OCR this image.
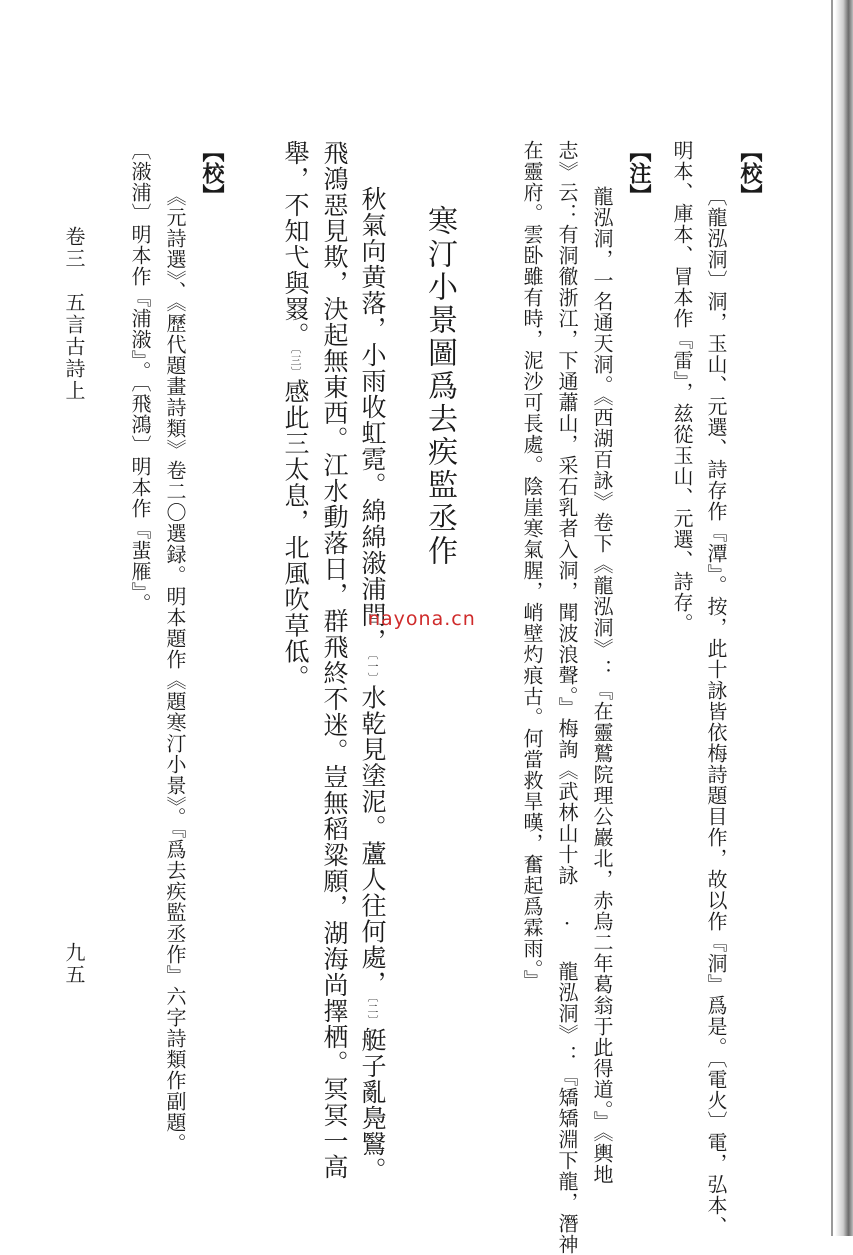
【校】
〔龍泓洞〕洞，玉山、元選、詩存作『潭』。按，此十詠皆依梅詩題目作，故以作『洞』爲是。〔電火〕電，弘本、
明本、庫本、冒本作『雷』，兹從玉山、元選、詩存。
【注】
龍泓洞，一名通天洞。《西湖百詠》卷下《龍泓洞》：『在靈鷲院理公巖北，赤烏二年葛翁于此得道。』《輿地
志》云：有洞徹浙江，下通蕭山，采石乳者入洞，聞波浪聲。』梅詢《武林山十詠 · 龍泓洞》：『矯矯淵下龍，潛神
在靈府。雲卧雖有時，泥沙可長處。陰崖寒氣腥，峭壁灼痕古。何當救旱暵，奮起爲霖雨。』
寒汀小景圖爲去疾監丞作
秋氣向黄落，小雨收虹霓。綿綿潊浦間，〔一〕水乾見塗泥。蘆人往何處，〔二〕艇子亂鳧鷖。
飛鴻惡見欺，決起無東西。江水動落日，群飛終不迷。豈無稻粱願，湖海尚擇栖。冥冥一高
舉，不知弋與罬。〔三〕感此三太息，北風吹草低。
【校】
《元詩選》、《歷代題畫詩類》卷二〇選録。明本題作《題寒汀小景》。『爲去疾監丞作』六字詩類作副題。
〔潊浦〕明本作『浦潊』。〔飛鴻〕明本作『蜚雁』。
卷三　五言古詩上
九五
nayona.cn
